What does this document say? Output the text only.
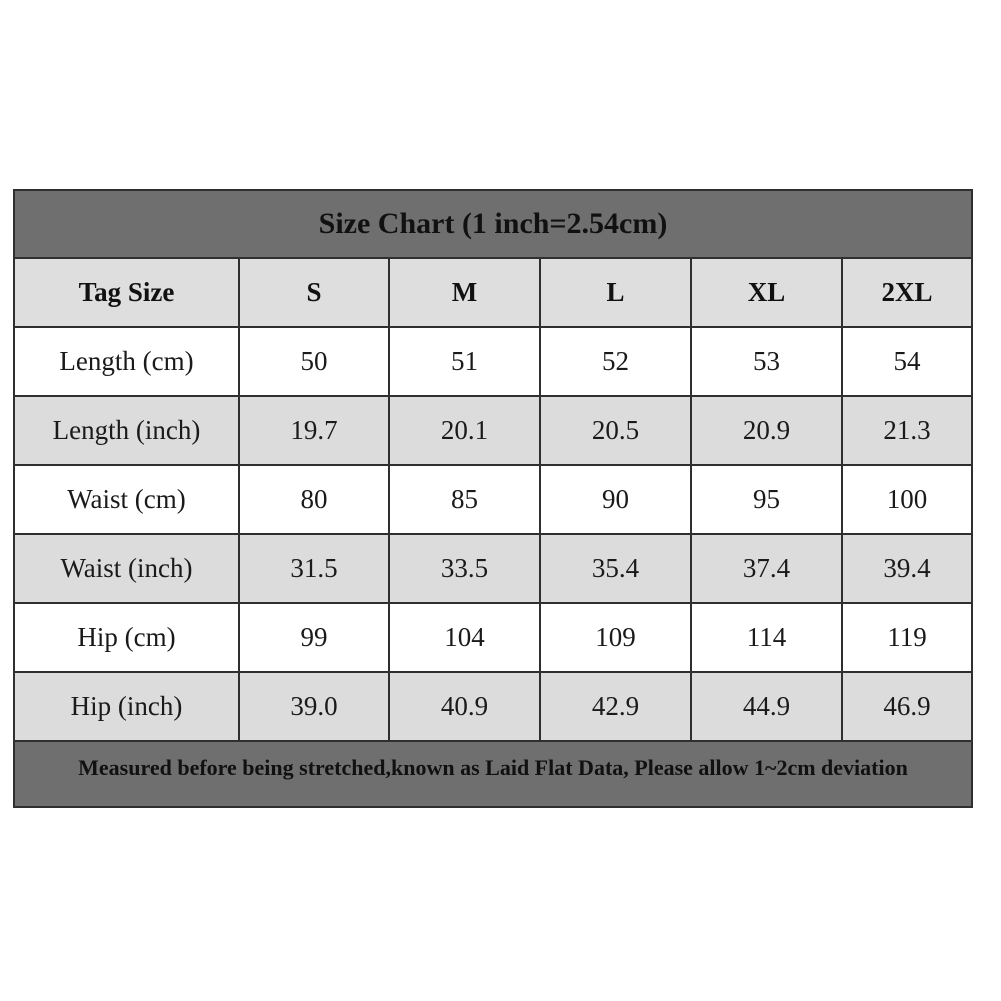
Size Chart (1 inch=2.54cm)
Tag Size	S	M	L	XL	2XL
Length (cm)	50	51	52	53	54
Length (inch)	19.7	20.1	20.5	20.9	21.3
Waist (cm)	80	85	90	95	100
Waist (inch)	31.5	33.5	35.4	37.4	39.4
Hip (cm)	99	104	109	114	119
Hip (inch)	39.0	40.9	42.9	44.9	46.9
Measured before being stretched,known as Laid Flat Data, Please allow 1~2cm deviation
